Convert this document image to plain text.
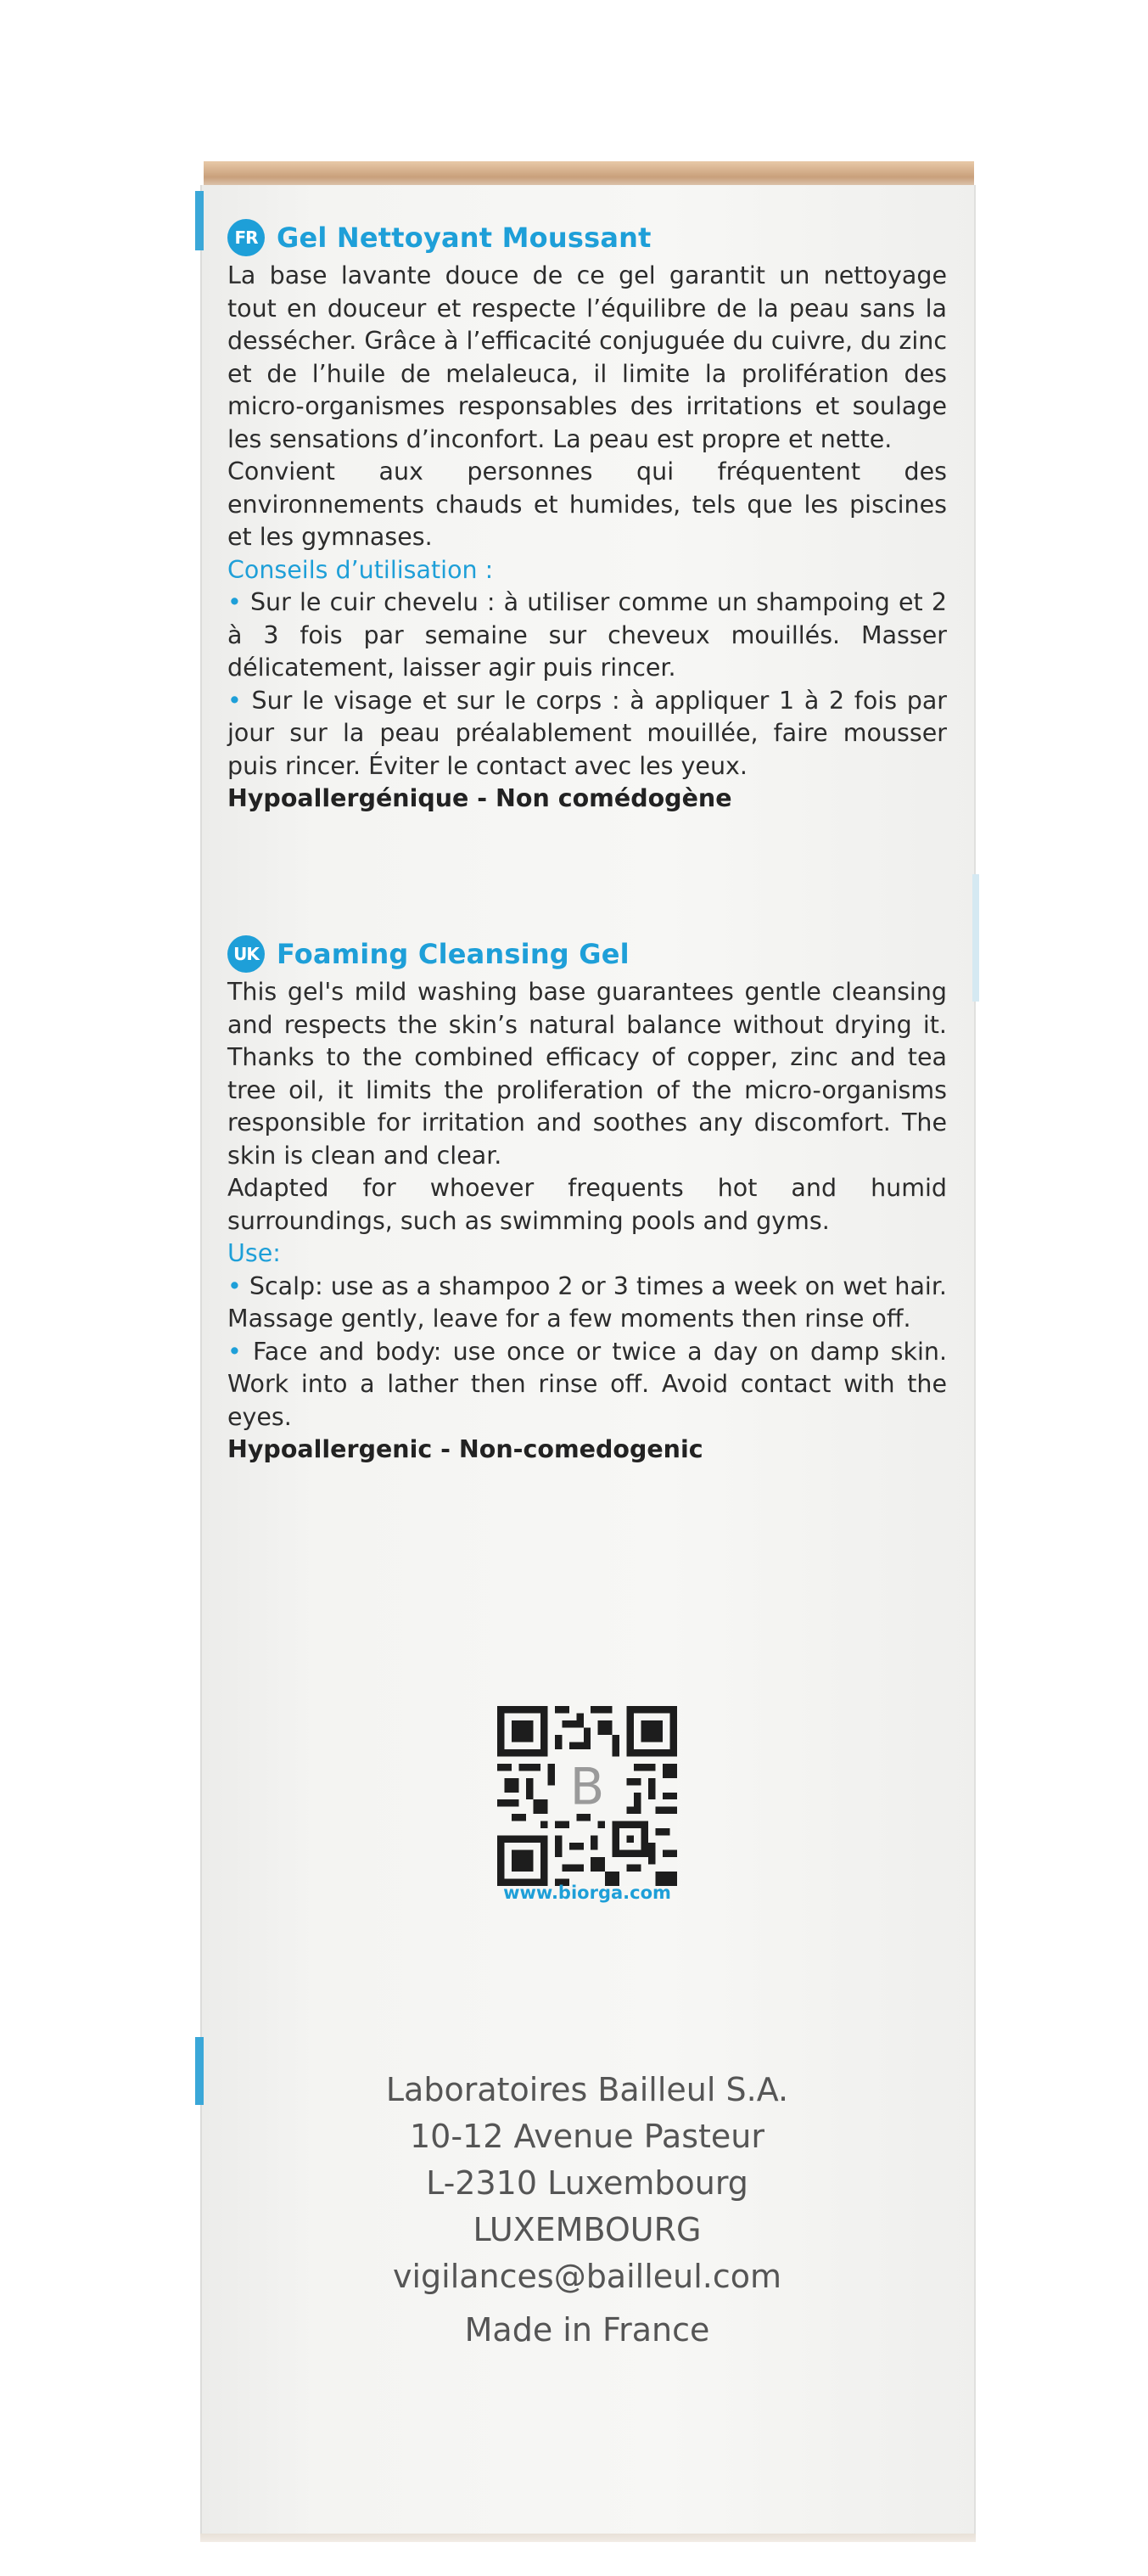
FR Gel Nettoyant Moussant

La base lavante douce de ce gel garantit un nettoyage tout en douceur et respecte l’équilibre de la peau sans la dessécher. Grâce à l’efficacité conjuguée du cuivre, du zinc et de l’huile de melaleuca, il limite la prolifération des micro-organismes responsables des irritations et soulage les sensations d’inconfort. La peau est propre et nette.

Convient aux personnes qui fréquentent des environnements chauds et humides, tels que les piscines et les gymnases.

Conseils d’utilisation :

• Sur le cuir chevelu : à utiliser comme un shampoing et 2 à 3 fois par semaine sur cheveux mouillés. Masser délicatement, laisser agir puis rincer.

• Sur le visage et sur le corps : à appliquer 1 à 2 fois par jour sur la peau préalablement mouillée, faire mousser puis rincer. Éviter le contact avec les yeux.

Hypoallergénique - Non comédogène

UK Foaming Cleansing Gel

This gel's mild washing base guarantees gentle cleansing and respects the skin’s natural balance without drying it. Thanks to the combined efficacy of copper, zinc and tea tree oil, it limits the proliferation of the micro-organisms responsible for irritation and soothes any discomfort. The skin is clean and clear.

Adapted for whoever frequents hot and humid surroundings, such as swimming pools and gyms.

Use:

• Scalp: use as a shampoo 2 or 3 times a week on wet hair. Massage gently, leave for a few moments then rinse off.

• Face and body: use once or twice a day on damp skin. Work into a lather then rinse off. Avoid contact with the eyes.

Hypoallergenic - Non-comedogenic

B
www.biorga.com
Laboratoires Bailleul S.A.
10-12 Avenue Pasteur
L-2310 Luxembourg
LUXEMBOURG
vigilances@bailleul.com
Made in France
